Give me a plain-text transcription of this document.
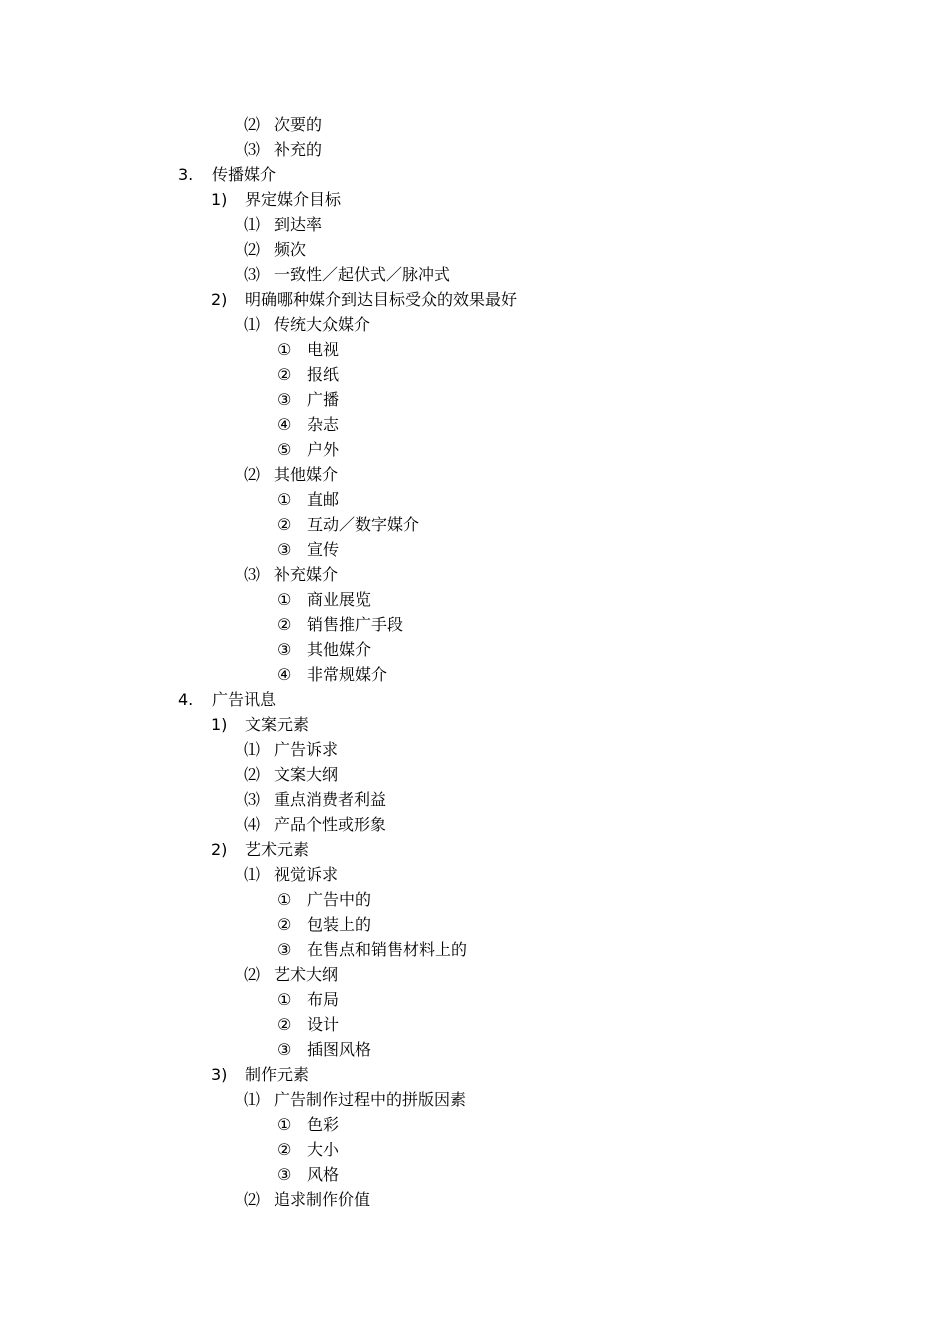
⑵ 次要的
⑶ 补充的
3. 传播媒介
1) 界定媒介目标
⑴ 到达率
⑵ 频次
⑶ 一致性／起伏式／脉冲式
2) 明确哪种媒介到达目标受众的效果最好
⑴ 传统大众媒介
① 电视
② 报纸
③ 广播
④ 杂志
⑤ 户外
⑵ 其他媒介
① 直邮
② 互动／数字媒介
③ 宣传
⑶ 补充媒介
① 商业展览
② 销售推广手段
③ 其他媒介
④ 非常规媒介
4. 广告讯息
1) 文案元素
⑴ 广告诉求
⑵ 文案大纲
⑶ 重点消费者利益
⑷ 产品个性或形象
2) 艺术元素
⑴ 视觉诉求
① 广告中的
② 包装上的
③ 在售点和销售材料上的
⑵ 艺术大纲
① 布局
② 设计
③ 插图风格
3) 制作元素
⑴ 广告制作过程中的拼版因素
① 色彩
② 大小
③ 风格
⑵ 追求制作价值
